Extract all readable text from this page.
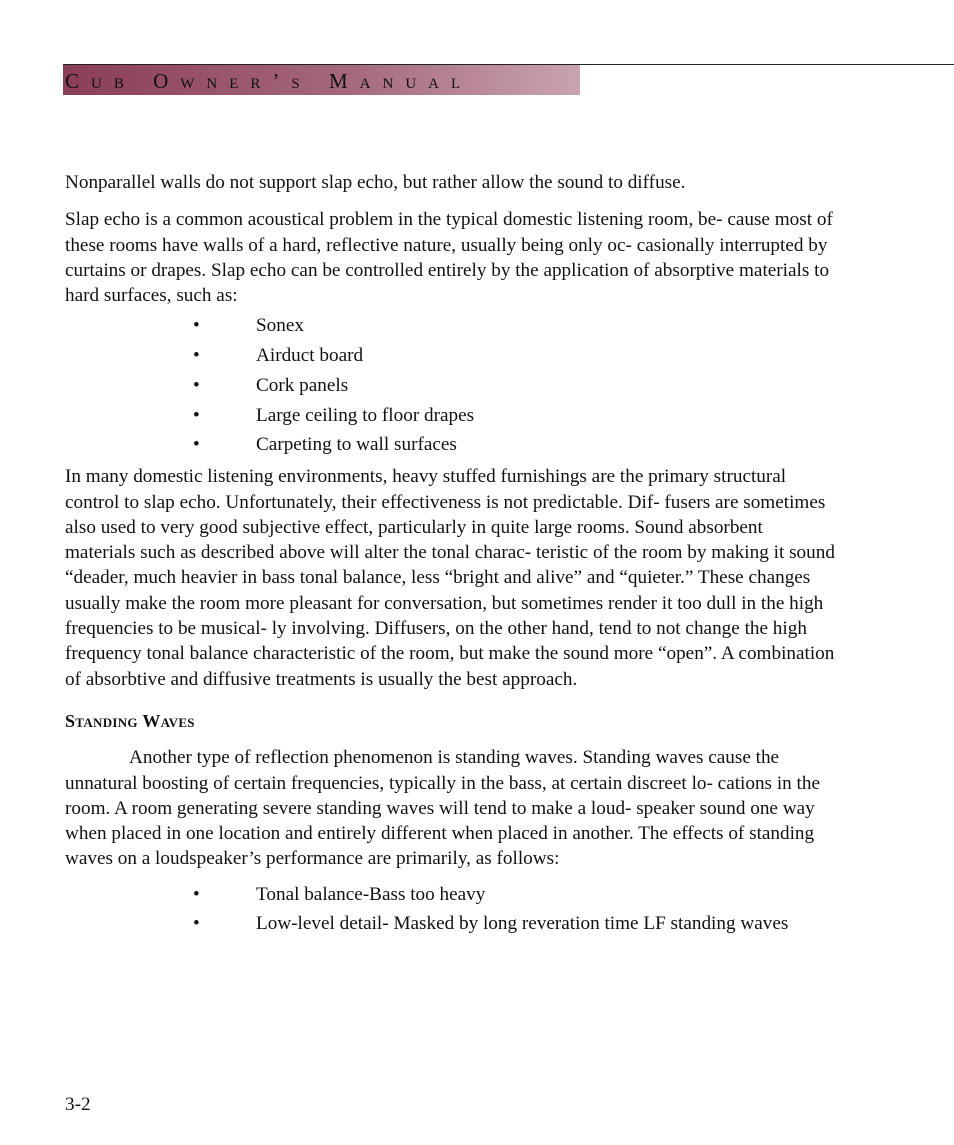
Cub Owner’s Manual

Nonparallel walls do not support slap echo, but rather allow the sound to diffuse.

Slap echo is a common acoustical problem in the typical domestic listening room, be- cause most of these rooms have walls of a hard, reflective nature, usually being only oc- casionally interrupted by curtains or drapes. Slap echo can be controlled entirely by the application of absorptive materials to hard surfaces, such as:

•	Sonex
•	Airduct board
•	Cork panels
•	Large ceiling to floor drapes
•	Carpeting to wall surfaces

In many domestic listening environments, heavy stuffed furnishings are the primary structural control to slap echo. Unfortunately, their effectiveness is not predictable. Dif- fusers are sometimes also used to very good subjective effect, particularly in quite large rooms. Sound absorbent materials such as described above will alter the tonal charac- teristic of the room by making it sound “deader, much heavier in bass tonal balance, less “bright and alive” and “quieter.” These changes usually make the room more pleasant for conversation, but sometimes render it too dull in the high frequencies to be musical- ly involving. Diffusers, on the other hand, tend to not change the high frequency tonal balance characteristic of the room, but make the sound more “open”. A combination of absorbtive and diffusive treatments is usually the best approach.

Standing Waves

Another type of reflection phenomenon is standing waves. Standing waves cause the unnatural boosting of certain frequencies, typically in the bass, at certain discreet lo- cations in the room. A room generating severe standing waves will tend to make a loud- speaker sound one way when placed in one location and entirely different when placed in another. The effects of standing waves on a loudspeaker’s performance are primarily, as follows:

•	Tonal balance-Bass too heavy
•	Low-level detail- Masked by long reveration time LF standing waves
3-2
